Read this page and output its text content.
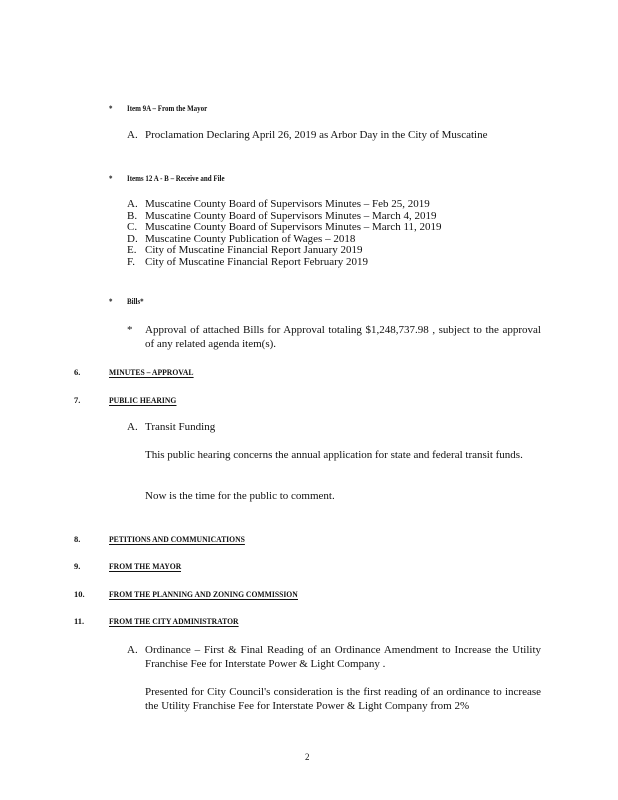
* Item 9A – From the Mayor
A. Proclamation Declaring April 26, 2019 as Arbor Day in the City of Muscatine
* Items 12 A - B – Receive and File
A. Muscatine County Board of Supervisors Minutes – Feb 25, 2019
B. Muscatine County Board of Supervisors Minutes – March 4, 2019
C. Muscatine County Board of Supervisors Minutes – March 11, 2019
D. Muscatine County Publication of Wages – 2018
E. City of Muscatine Financial Report January 2019
F. City of Muscatine Financial Report February 2019
* Bills*
* Approval of attached Bills for Approval totaling $1,248,737.98 , subject to the approval of any related agenda item(s).
6.	MINUTES – APPROVAL
7.	PUBLIC HEARING
A. Transit Funding
This public hearing concerns the annual application for state and federal transit funds.
Now is the time for the public to comment.
8.	PETITIONS AND COMMUNICATIONS
9.	FROM THE MAYOR
10.	FROM THE PLANNING AND ZONING COMMISSION
11.	FROM THE CITY ADMINISTRATOR
A. Ordinance – First & Final Reading of an Ordinance Amendment to Increase the Utility Franchise Fee for Interstate Power & Light Company .
Presented for City Council's consideration is the first reading of an ordinance to increase the Utility Franchise Fee for Interstate Power & Light Company from 2%
2
